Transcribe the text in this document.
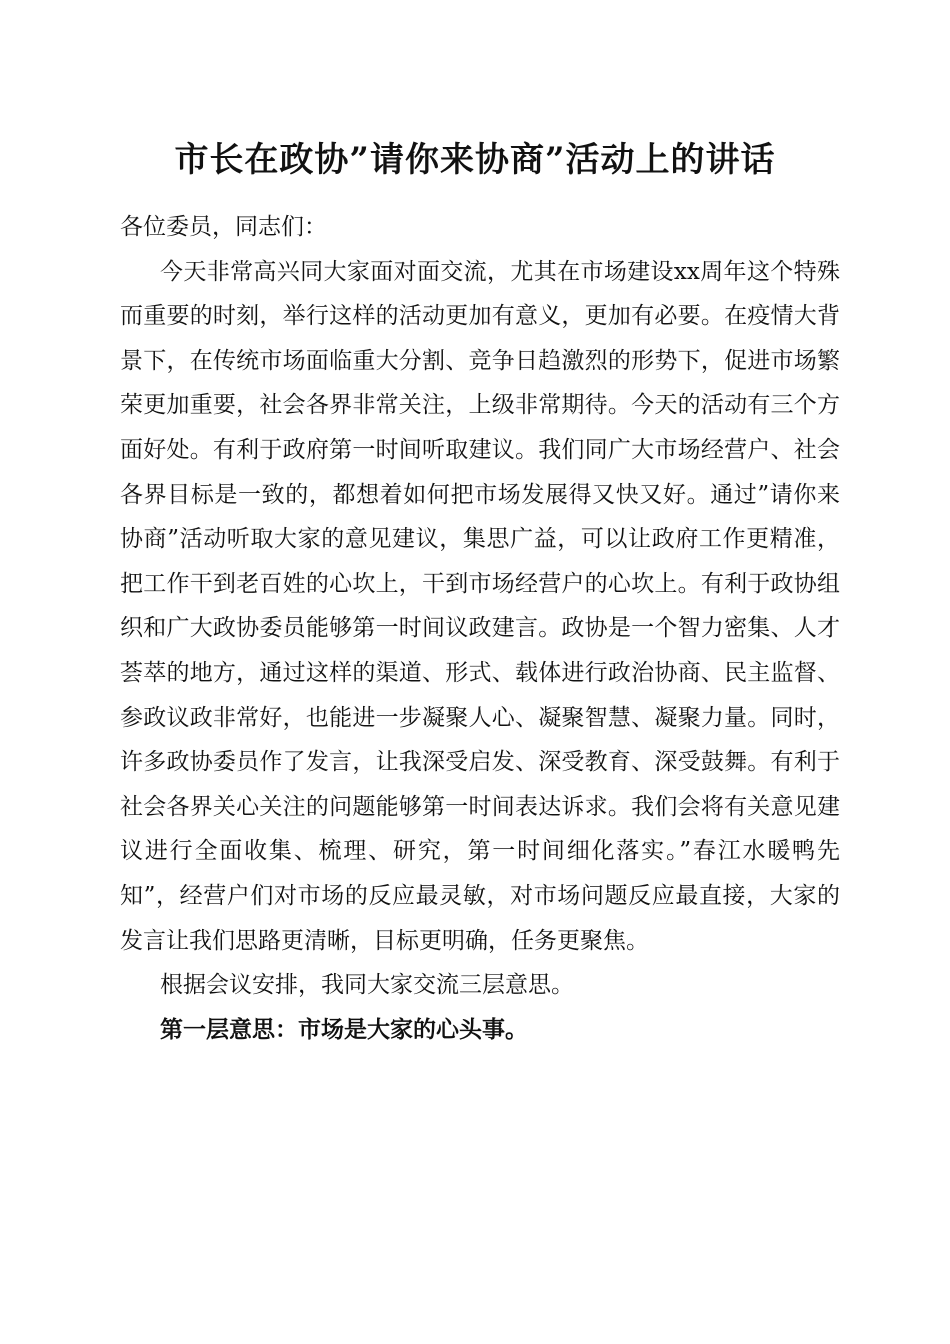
市长在政协”请你来协商”活动上的讲话

各位委员，同志们：

今天非常高兴同大家面对面交流，尤其在市场建设xx周年这个特殊而重要的时刻，举行这样的活动更加有意义，更加有必要。在疫情大背景下，在传统市场面临重大分割、竞争日趋激烈的形势下，促进市场繁荣更加重要，社会各界非常关注，上级非常期待。今天的活动有三个方面好处。有利于政府第一时间听取建议。我们同广大市场经营户、社会各界目标是一致的，都想着如何把市场发展得又快又好。通过”请你来协商”活动听取大家的意见建议，集思广益，可以让政府工作更精准，把工作干到老百姓的心坎上，干到市场经营户的心坎上。有利于政协组织和广大政协委员能够第一时间议政建言。政协是一个智力密集、人才荟萃的地方，通过这样的渠道、形式、载体进行政治协商、民主监督、参政议政非常好，也能进一步凝聚人心、凝聚智慧、凝聚力量。同时，许多政协委员作了发言，让我深受启发、深受教育、深受鼓舞。有利于社会各界关心关注的问题能够第一时间表达诉求。我们会将有关意见建议进行全面收集、梳理、研究，第一时间细化落实。”春江水暖鸭先知”，经营户们对市场的反应最灵敏，对市场问题反应最直接，大家的发言让我们思路更清晰，目标更明确，任务更聚焦。

根据会议安排，我同大家交流三层意思。

第一层意思：市场是大家的心头事。
